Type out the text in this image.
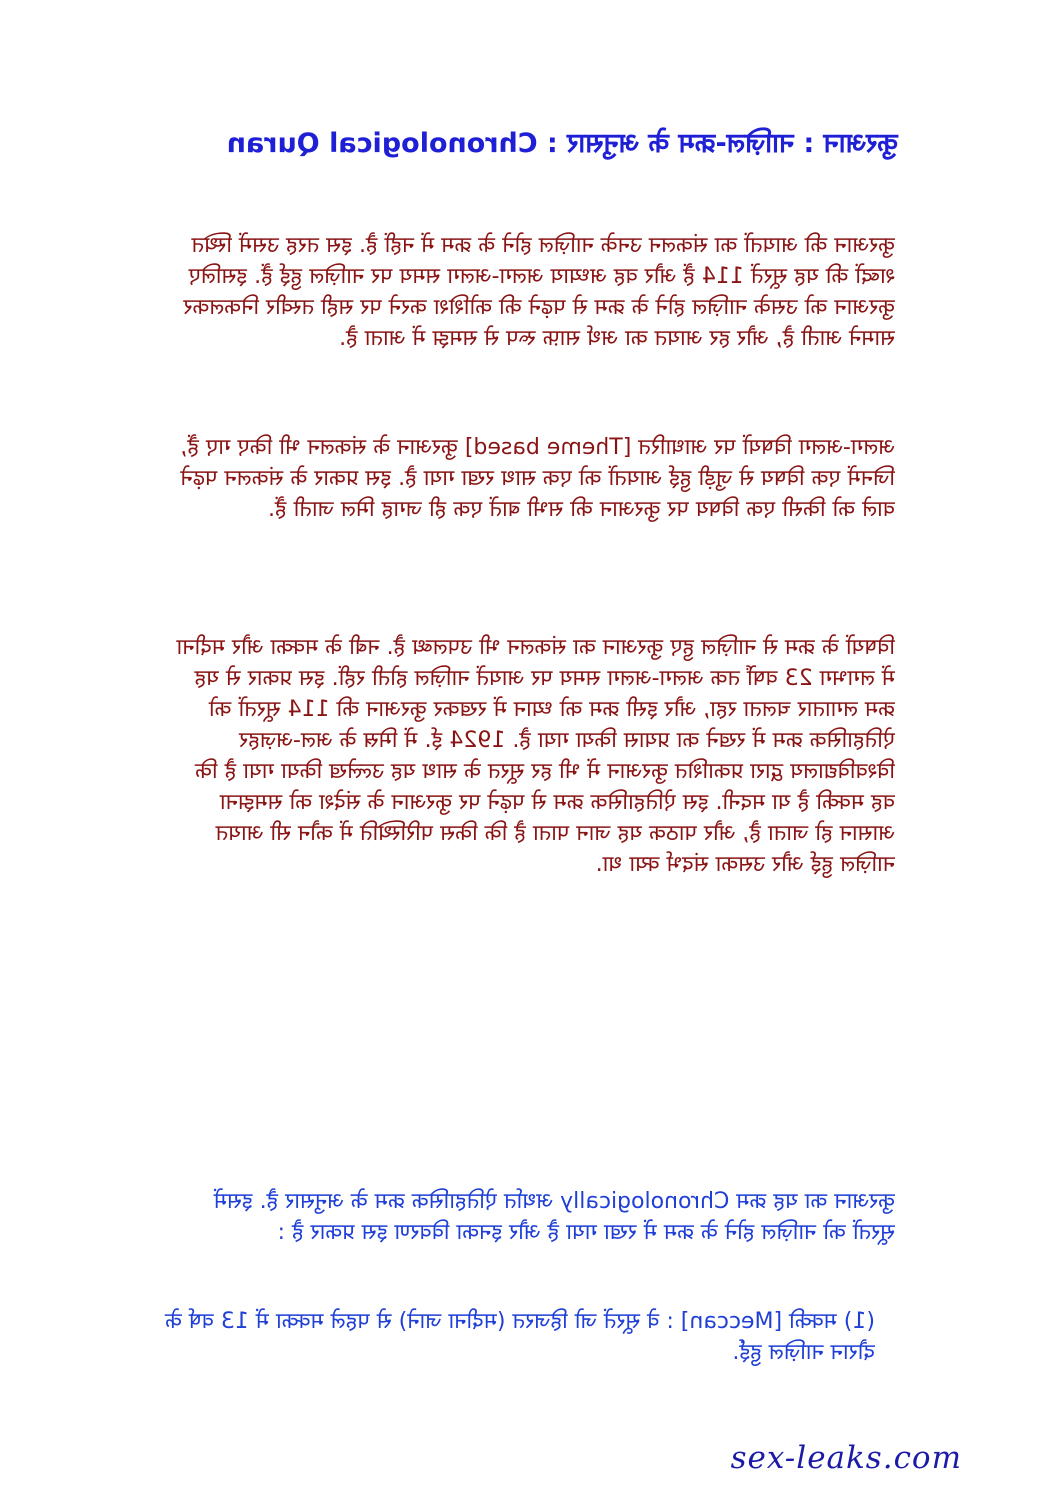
कुरआन : नाज़िल-क्रम के अनुसार : Chronological Quran

कुरआन की आयतों का संकलन उनके नाज़िल होने के क्रम में नहीं है. इस तरह उसमें स्थित शब्दों की यह सूरतें 114 हैं और वह अध्याय अलग-अलग समय पर नाज़िल हुई हैं. इसलिए कुरआन को उसके नाज़िल होने के क्रम से पढ़ने की कोशिश करने पर सही तस्वीर निकलकर सामने आती है, और हर आयत का अर्थ साफ़ रूप से समझ में आता है.

अलग-अलग विषयों पर आधारित [Theme based] कुरआन के संकलन भी किए गए हैं, जिनमें एक विषय से जुड़ी हुई आयतों को एक साथ रखा गया है. इस प्रकार के संकलन पढ़ने वाले को किसी एक विषय पर कुरआन की सभी बातें एक ही जगह मिल जाती हैं.

विषयों के क्रम से नाज़िल हुए कुरआन का संकलन भी उपलब्ध है. नबी के मक्का और मदीना में लगभग 23 वर्षों तक अलग-अलग समय पर आयतें नाज़िल होती रहीं. इस प्रकार से यह क्रम लगातार चलता रहा, और इसी क्रम को ध्यान में रखकर कुरआन की 114 सूरतों को ऐतिहासिक क्रम में रखने का प्रयास किया गया है. 1924 ई. में मिस्र के अल-अज़हर विश्वविद्यालय द्वारा प्रकाशित कुरआन में भी हर सूरत के साथ यह उल्लेख किया गया है कि वह मक्की है या मदनी. इस ऐतिहासिक क्रम से पढ़ने पर कुरआन के संदेश को समझना आसान हो जाता है, और पाठक यह जान पाता है कि किस परिस्थिति में कौन सी आयत नाज़िल हुई और उसका संदर्भ क्या था.

कुरआन का यह क्रम Chronologically अर्थात ऐतिहासिक क्रम के अनुसार है. इसमें सूरतों को नाज़िल होने के क्रम में रखा गया है और इनका विवरण इस प्रकार है :

(1) मक्की [Meccan] : वे सूरतें जो हिजरत (मदीना जाने) से पहले मक्का में 13 वर्ष के दौरान नाज़िल हुईं.

sex-leaks.com
